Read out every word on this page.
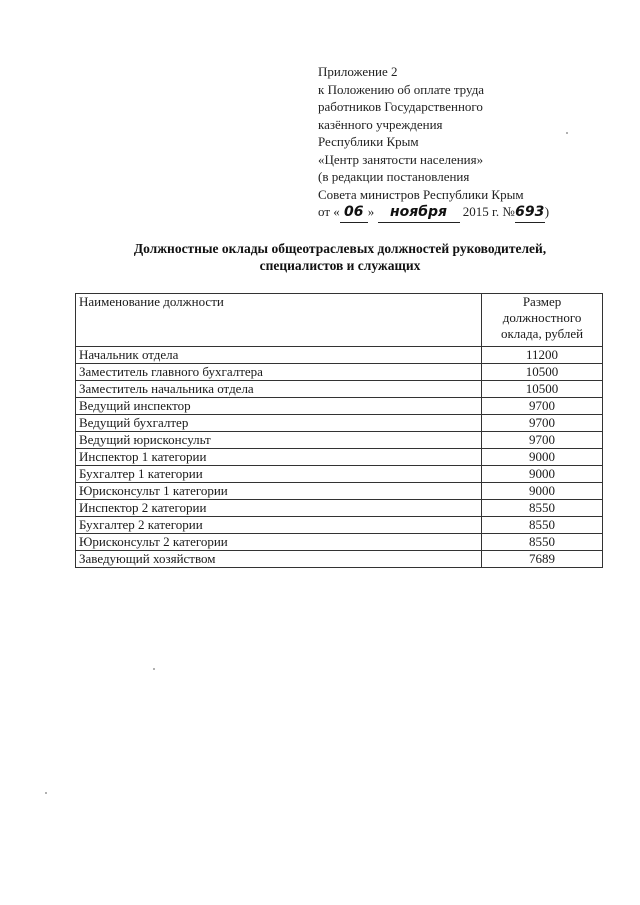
Приложение 2
к Положению об оплате труда
работников Государственного
казённого учреждения
Республики Крым
«Центр занятости населения»
(в редакции постановления
Совета министров Республики Крым
от « 06 » ноября 2015 г. №693)
Должностные оклады общеотраслевых должностей руководителей,
специалистов и служащих
Наименование должности	Размер должностного оклада, рублей
Начальник отдела	11200
Заместитель главного бухгалтера	10500
Заместитель начальника отдела	10500
Ведущий инспектор	9700
Ведущий бухгалтер	9700
Ведущий юрисконсульт	9700
Инспектор 1 категории	9000
Бухгалтер 1 категории	9000
Юрисконсульт 1 категории	9000
Инспектор 2 категории	8550
Бухгалтер 2 категории	8550
Юрисконсульт 2 категории	8550
Заведующий хозяйством	7689
